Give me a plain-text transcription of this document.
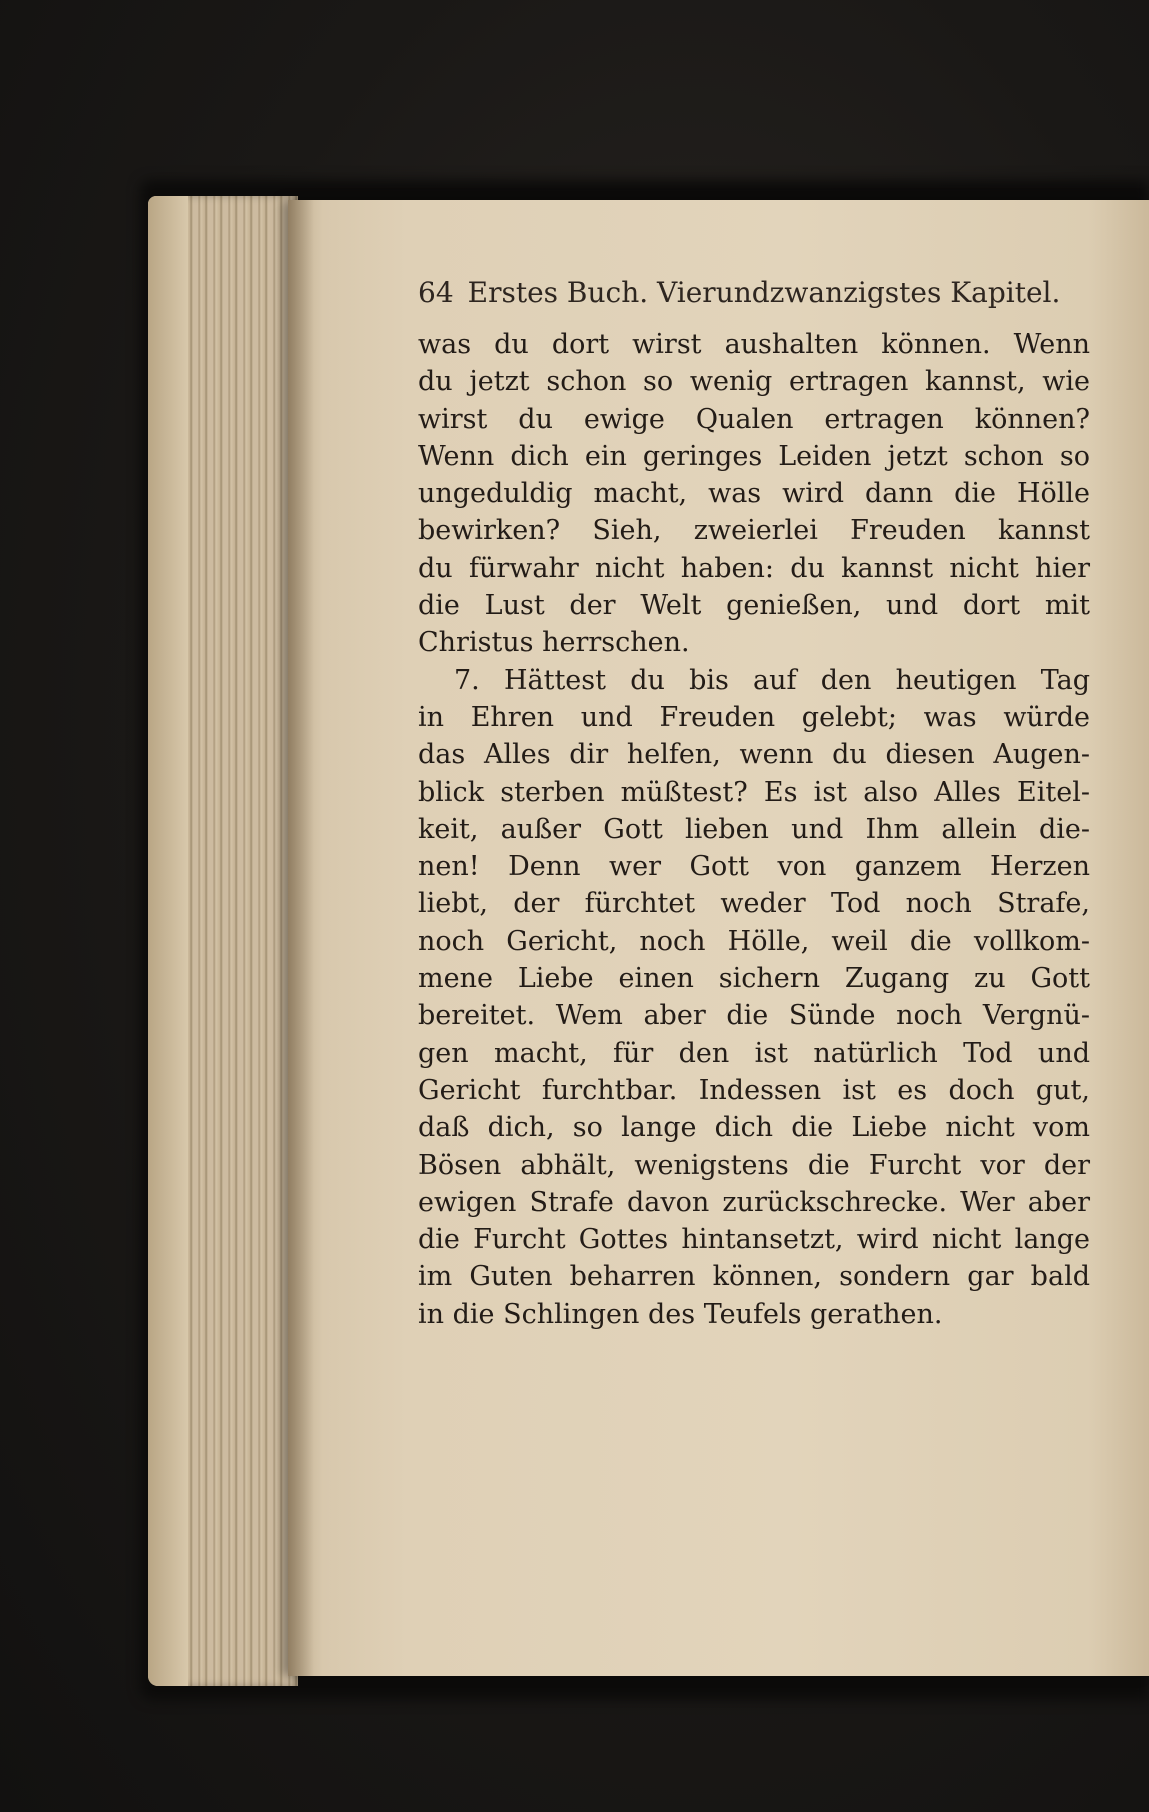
64 Erstes Buch. Vierundzwanzigstes Kapitel.
was du dort wirst aushalten können. Wenn
du jetzt schon so wenig ertragen kannst, wie
wirst du ewige Qualen ertragen können?
Wenn dich ein geringes Leiden jetzt schon so
ungeduldig macht, was wird dann die Hölle
bewirken? Sieh, zweierlei Freuden kannst
du fürwahr nicht haben: du kannst nicht hier
die Lust der Welt genießen, und dort mit
Christus herrschen.
7. Hättest du bis auf den heutigen Tag
in Ehren und Freuden gelebt; was würde
das Alles dir helfen, wenn du diesen Augen-
blick sterben müßtest? Es ist also Alles Eitel-
keit, außer Gott lieben und Ihm allein die-
nen! Denn wer Gott von ganzem Herzen
liebt, der fürchtet weder Tod noch Strafe,
noch Gericht, noch Hölle, weil die vollkom-
mene Liebe einen sichern Zugang zu Gott
bereitet. Wem aber die Sünde noch Vergnü-
gen macht, für den ist natürlich Tod und
Gericht furchtbar. Indessen ist es doch gut,
daß dich, so lange dich die Liebe nicht vom
Bösen abhält, wenigstens die Furcht vor der
ewigen Strafe davon zurückschrecke. Wer aber
die Furcht Gottes hintansetzt, wird nicht lange
im Guten beharren können, sondern gar bald
in die Schlingen des Teufels gerathen.
